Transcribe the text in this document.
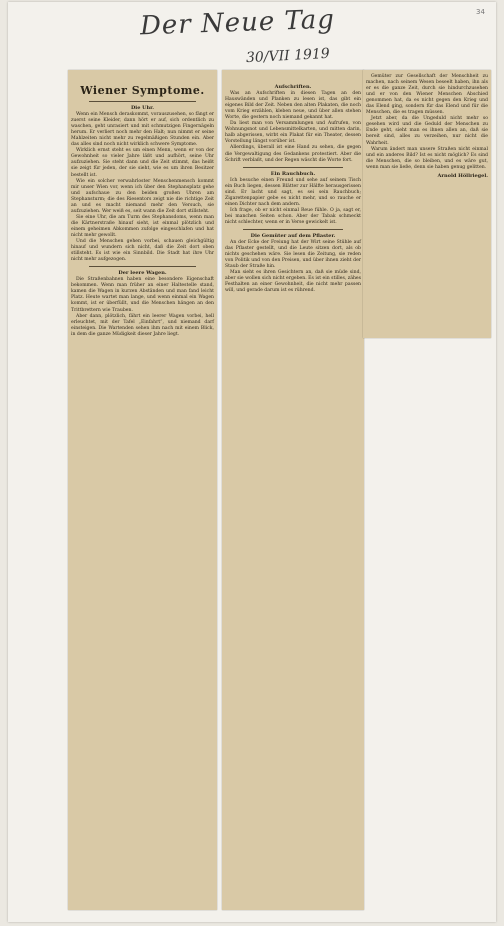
Der Neue Tag
30/VII 1919
34
Wiener Symptome.
Die Uhr.

Wenn ein Mensch deraskommt, vorauszusehen, so fängt er zuerst seine Kleider, dann hört er auf, sich ordentlich zu waschen, geht unrasiert und mit schmutzigen Fingernägeln herum. Er verliert noch mehr den Halt; nun nimmt er seine Mahlzeiten nicht mehr zu regelmäßigen Stunden ein. Aber das alles sind noch nicht wirklich schwere Symptome.

Wirklich ernst steht es um einen Menn, wenn er von der Gewohnheit so vieler Jahre läßt und aufhört, seine Uhr aufzuziehen. Sie steht dann und die Zeit stimmt, das heißt sie zeigt für jeden, der sie sieht, wie es um ihren Besitzer bestellt ist.

Wie ein solcher verwahrloster Menschenmensch kommt mir unser Wien vor, wenn ich über den Stephansplatz gehe und aufschaue zu den beiden großen Uhren am Stephansturm; die des Riesentors zeigt nie die richtige Zeit an und es macht niemand mehr den Versuch, sie aufzuziehen. Wer weiß es, seit wann die Zeit dort stillsteht.

Sie eine Uhr, die am Turm des Stephansdoms, wenn man die Kärtnerstraße hinauf sieht, ist einmal plötzlich und einem geheimen Abkommen zufolge eingeschlafen und hat nicht mehr gewollt.

Und die Menschen gehen vorbei, schauen gleichgültig hinauf und wundern sich nicht, daß die Zeit dort oben stillsteht. Es ist wie ein Sinnbild. Die Stadt hat ihre Uhr nicht mehr aufgezogen.

Der leere Wagen.

Die Straßenbahnen haben eine besondere Eigenschaft bekommen. Wenn man früher an einer Haltestelle stand, kamen die Wagen in kurzen Abständen und man fand leicht Platz. Heute wartet man lange, und wenn einmal ein Wagen kommt, ist er überfüllt, und die Menschen hängen an den Trittbrettern wie Trauben.

Aber dann, plötzlich, fährt ein leerer Wagen vorbei, hell erleuchtet, mit der Tafel „Einfahrt“, und niemand darf einsteigen. Die Wartenden sehen ihm nach mit einem Blick, in dem die ganze Müdigkeit dieser Jahre liegt.

Aufschriften.

Was an Aufschriften in diesen Tagen an den Hauswänden und Planken zu lesen ist, das gibt ein eigenes Bild der Zeit. Neben den alten Plakaten, die noch vom Krieg erzählen, kleben neue, und über allen stehen Worte, die gestern noch niemand gekannt hat.

Da liest man von Versammlungen und Aufrufen, von Wohnungsnot und Lebensmittelkarten, und mitten darin, halb abgerissen, wirbt ein Plakat für ein Theater, dessen Vorstellung längst vorüber ist.

Allerdings, überall ist eine Hand zu sehen, die gegen die Vergewaltigung des Gedankens protestiert. Aber die Schrift verblaßt, und der Regen wäscht die Worte fort.

Ein Rauchbuch.

Ich besuche einen Freund und sehe auf seinem Tisch ein Buch liegen, dessen Blätter zur Hälfte herausgerissen sind. Er lacht und sagt, es sei sein Rauchbuch; Zigarettenpapier gebe es nicht mehr, und so rauche er einen Dichter nach dem andern.

Ich frage, ob er nicht einmal Reue fühle. O ja, sagt er, bei manchen Seiten schon. Aber der Tabak schmeckt nicht schlechter, wenn er in Verse gewickelt ist.

Die Gemüter auf dem Pflaster.

An der Ecke der Freiung hat der Wirt seine Stühle auf das Pflaster gestellt, und die Leute sitzen dort, als ob nichts geschehen wäre. Sie lesen die Zeitung, sie reden von Politik und von den Preisen, und über ihnen zieht der Staub der Straße hin.

Man sieht es ihren Gesichtern an, daß sie müde sind, aber sie wollen sich nicht ergeben. Es ist ein stilles, zähes Festhalten an einer Gewohnheit, die nicht mehr passen will, und gerade darum ist es rührend.

Gemüter zur Gesellschaft der Menschheit zu machen, nach seinem Wesen beseelt haben, ihn als er es die ganze Zeit, durch sie hindurchzusehen und er von den Wiener Menschen Abschied genommen hat, da es nicht gegen den Krieg und das Elend ging, sondern für das Elend und für die Menschen, die es tragen müssen.

Jetzt aber, da die Ungeduld nicht mehr so gesehen wird und die Geduld der Menschen zu Ende geht, sieht man es ihnen allen an, daß sie bereit sind, alles zu verzeihen, nur nicht die Wahrheit.

Warum ändert man unsere Straßen nicht einmal und ein anderes Bild? Ist es nicht möglich? Es sind die Menschen, die so bleiben, und es wäre gut, wenn man sie ließe, denn sie haben genug gelitten.

Arnold Höllriegel.
